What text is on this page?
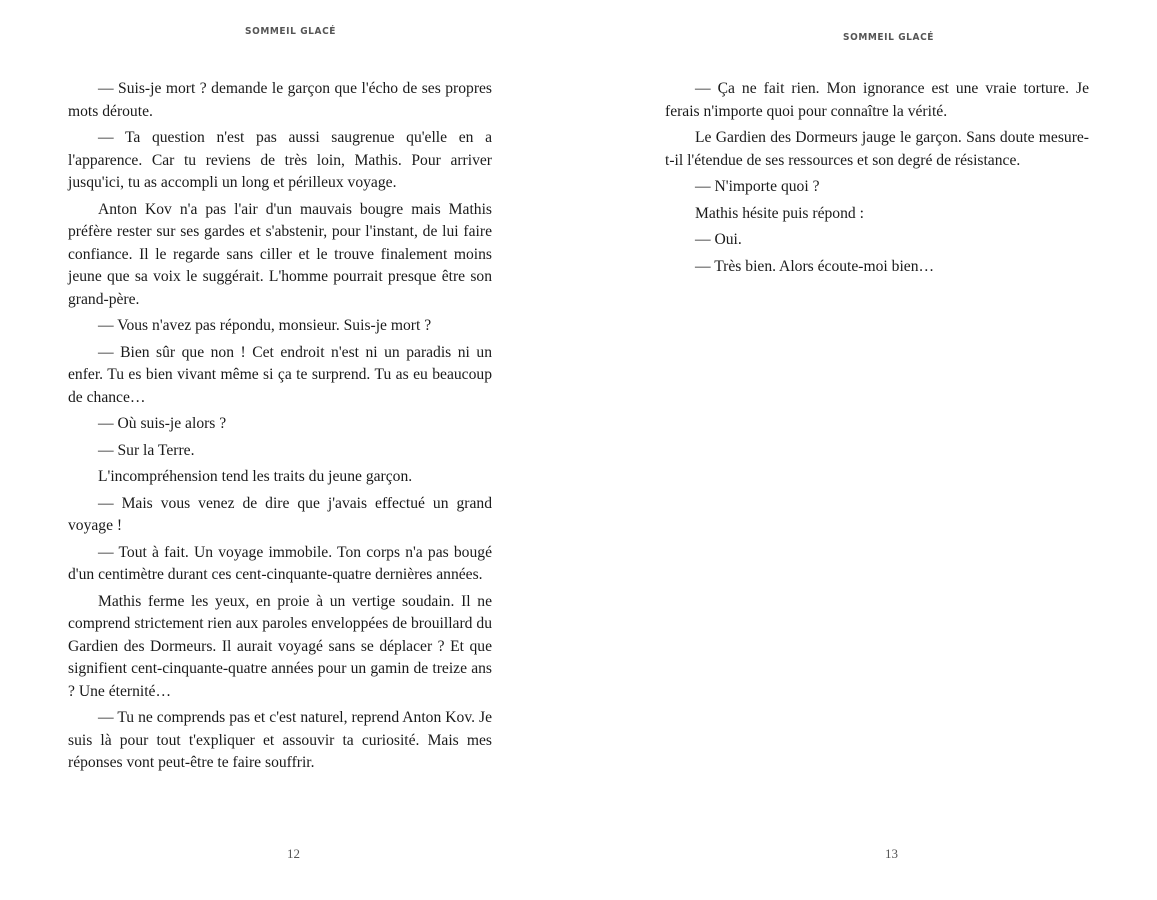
SOMMEIL GLACÉ

— Suis-je mort ? demande le garçon que l'écho de ses propres mots déroute.

— Ta question n'est pas aussi saugrenue qu'elle en a l'apparence. Car tu reviens de très loin, Mathis. Pour arriver jusqu'ici, tu as accompli un long et périlleux voyage.

Anton Kov n'a pas l'air d'un mauvais bougre mais Mathis préfère rester sur ses gardes et s'abstenir, pour l'instant, de lui faire confiance. Il le regarde sans ciller et le trouve finalement moins jeune que sa voix le suggérait. L'homme pourrait presque être son grand-père.

— Vous n'avez pas répondu, monsieur. Suis-je mort ?

— Bien sûr que non ! Cet endroit n'est ni un paradis ni un enfer. Tu es bien vivant même si ça te surprend. Tu as eu beaucoup de chance…

— Où suis-je alors ?

— Sur la Terre.

L'incompréhension tend les traits du jeune garçon.

— Mais vous venez de dire que j'avais effectué un grand voyage !

— Tout à fait. Un voyage immobile. Ton corps n'a pas bougé d'un centimètre durant ces cent-cinquante-quatre dernières années.

Mathis ferme les yeux, en proie à un vertige soudain. Il ne comprend strictement rien aux paroles enveloppées de brouillard du Gardien des Dormeurs. Il aurait voyagé sans se déplacer ? Et que signifient cent-cinquante-quatre années pour un gamin de treize ans ? Une éternité…

— Tu ne comprends pas et c'est naturel, reprend Anton Kov. Je suis là pour tout t'expliquer et assouvir ta curiosité. Mais mes réponses vont peut-être te faire souffrir.

12
SOMMEIL GLACÉ

— Ça ne fait rien. Mon ignorance est une vraie torture. Je ferais n'importe quoi pour connaître la vérité.

Le Gardien des Dormeurs jauge le garçon. Sans doute mesure-t-il l'étendue de ses ressources et son degré de résistance.

— N'importe quoi ?

Mathis hésite puis répond :

— Oui.

— Très bien. Alors écoute-moi bien…

13
